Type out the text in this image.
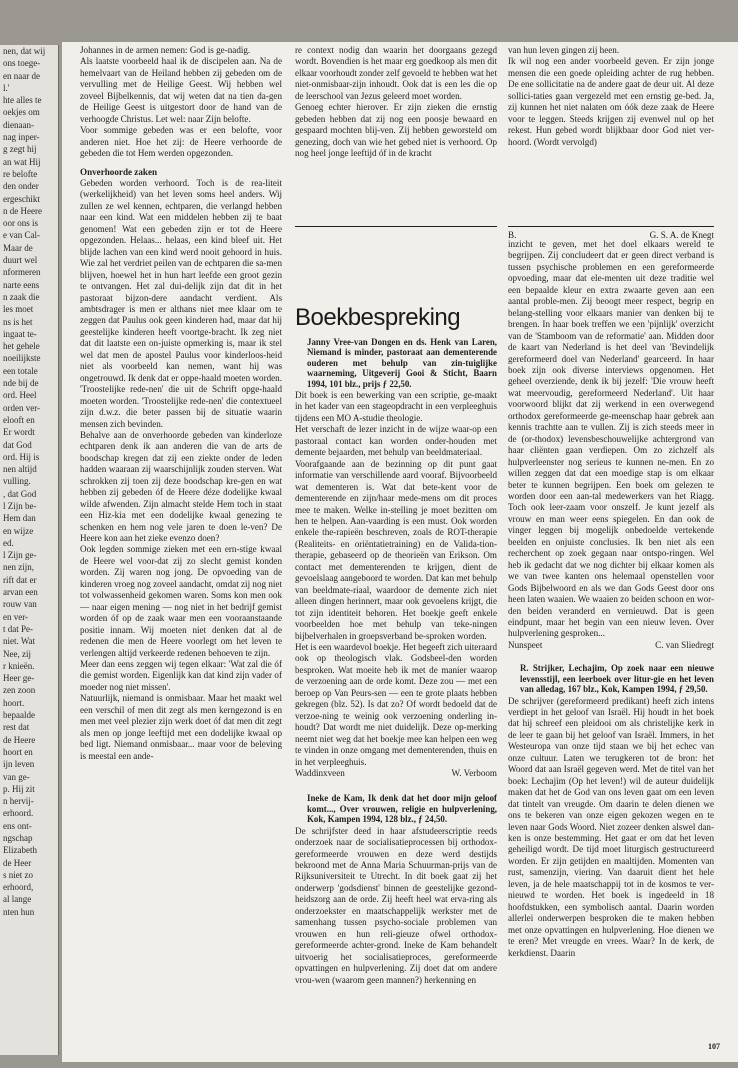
nen, dat wij

ons toege-

en naar de

l.'

hte alles te

oekjes om

dienaan-

nag inper-

g zegt hij

an wat Hij

re belofte

den onder

ergeschikt

n de Heere

oor ons is

e van Cal-

Maar de

duurt wel

nformeren

narte eens

n zaak die

les moet

ns is het

ingaat te-

het gehele

noeilijkste

een totale

nde bij de

ord. Heel

orden ver-

elooft en

Er wordt

dat God

ord. Hij is

nen altijd

vulling.

, dat God

l Zijn be-

Hem dan

en wijze

ed.

l Zijn ge-

nen zijn,

rift dat er

arvan een

rouw van

en ver-

t dat Pe-

niet. Wat

Nee, zij

r knieën.

Heer ge-

zen zoon

hoort.

bepaalde

rest dat

de Heere

hoort en

ijn leven

van ge-

p. Hij zit

n hervij-

erhoord.

ens ont-

ngschap

Elizabeth

de Heer

s niet zo

erhoord,

al lange

nten hun

Johannes in de armen nemen: God is ge-nadig.

Als laatste voorbeeld haal ik de discipelen aan. Na de hemelvaart van de Heiland hebben zij gebeden om de vervulling met de Heilige Geest. Wij hebben wel zoveel Bijbelkennis, dat wij weten dat na tien da-gen de Heilige Geest is uitgestort door de hand van de verhoogde Christus. Let wel: naar Zijn belofte.

Voor sommige gebeden was er een belofte, voor anderen niet. Hoe het zij: de Heere verhoorde de gebeden die tot Hem werden opgezonden.

Onverhoorde zaken

Gebeden worden verhoord. Toch is de rea-liteit (werkelijkheid) van het leven soms heel anders. Wij zullen ze wel kennen, echtparen, die verlangd hebben naar een kind. Wat een middelen hebben zij te baat genomen! Wat een gebeden zijn er tot de Heere opgezonden. Helaas... helaas, een kind bleef uit. Het blijde lachen van een kind werd nooit gehoord in huis. Wie zal het verdriet peilen van de echtparen die sa-men blijven, hoewel het in hun hart leefde een groot gezin te ontvangen. Het zal dui-delijk zijn dat dit in het pastoraat bijzon-dere aandacht verdient. Als ambtsdrager is men er althans niet mee klaar om te zeggen dat Paulus ook geen kinderen had, maar dat hij geestelijke kinderen heeft voortge-bracht. Ik zeg niet dat dit laatste een on-juiste opmerking is, maar ik stel wel dat men de apostel Paulus voor kinderloos-heid niet als voorbeeld kan nemen, want hij was ongetrouwd. Ik denk dat er oppe-haald moeten worden. 'Troostelijke rede-nen' die uit de Schrift opge-haald moeten worden. 'Troostelijke rede-nen' die contextueel zijn d.w.z. die beter passen bij de situatie waarin mensen zich bevinden.

Behalve aan de onverhoorde gebeden van kinderloze echtparen denk ik aan anderen die van de arts de boodschap kregen dat zij een ziekte onder de leden hadden waaraan zij waarschijnlijk zouden sterven. Wat schrokken zij toen zij deze boodschap kre-gen en wat hebben zij gebeden óf de Heere déze dodelijke kwaal wilde afwenden. Zijn almacht stelde Hem toch in staat een Hiz-kia met een dodelijke kwaal genezing te schenken en hem nog vele jaren te doen le-ven? De Heere kon aan het zieke evenzo doen?

Ook legden sommige zieken met een ern-stige kwaal de Heere wel voor-dat zij zo slecht gemist konden worden. Zij waren nog jong. De opvoeding van de kinderen vroeg nog zoveel aandacht, omdat zij nog niet tot volwassenheid gekomen waren. Soms kon men ook — naar eigen mening — nog niet in het bedrijf gemist worden óf op de zaak waar men een vooraanstaande positie innam. Wij moeten niet denken dat al de redenen die men de Heere voorlegt om het leven te verlengen altijd verkeerde redenen behoeven te zijn.

Meer dan eens zeggen wij tegen elkaar: 'Wat zal die óf die gemist worden. Eigenlijk kan dat kind zijn vader of moeder nog niet missen'.

Natuurlijk, niemand is onmisbaar. Maar het maakt wel een verschil of men dit zegt als men kerngezond is en men met veel plezier zijn werk doet óf dat men dit zegt als men op jonge leeftijd met een dodelijke kwaal op bed ligt. Niemand onmisbaar... maar voor de beleving is meestal een ande-

re context nodig dan waarin het doorgaans gezegd wordt. Bovendien is het maar erg goedkoop als men dit elkaar voorhoudt zonder zelf gevoeld te hebben wat het niet-onmisbaar-zijn inhoudt. Ook dat is een les die op de leerschool van Jezus geleerd moet worden.

Genoeg echter hierover. Er zijn zieken die ernstig gebeden hebben dat zij nog een poosje bewaard en gespaard mochten blij-ven. Zij hebben geworsteld om genezing, doch van wie het gebed niet is verhoord. Op nog heel jonge leeftijd óf in de kracht

van hun leven gingen zij heen.

Ik wil nog een ander voorbeeld geven. Er zijn jonge mensen die een goede opleiding achter de rug hebben. De ene sollicitatie na de andere gaat de deur uit. Al deze sollici-taties gaan vergezeld met een ernstig ge-bed. Ja, zij kunnen het niet nalaten om óók deze zaak de Heere voor te leggen. Steeds krijgen zij evenwel nul op het rekest. Hun gebed wordt blijkbaar door God niet ver-hoord. (Wordt vervolgd)

B.	G. S. A. de Knegt
Boekbespreking

Janny Vree-van Dongen en ds. Henk van Laren, Niemand is minder, pastoraat aan dementerende ouderen met behulp van zin-tuiglijke waarneming, Uitgeverij Gooi & Sticht, Baarn 1994, 101 blz., prijs ƒ 22,50.

Dit boek is een bewerking van een scriptie, ge-maakt in het kader van een stageopdracht in een verpleeghuis tijdens een MO A-studie theologie.

Het verschaft de lezer inzicht in de wijze waar-op een pastoraal contact kan worden onder-houden met demente bejaarden, met behulp van beeldmateriaal.

Voorafgaande aan de bezinning op dit punt gaat informatie van verschillende aard vooraf. Bijvoorbeeld wat dementeren is. Wat dat bete-kent voor de dementerende en zijn/haar mede-mens om dit proces mee te maken. Welke in-stelling je moet bezitten om hen te helpen. Aan-vaarding is een must. Ook worden enkele the-rapieën beschreven, zoals de ROT-therapie (Realiteits- en oriëntatietraining) en de Valida-tion-therapie, gebaseerd op de theorieën van Erikson. Om contact met dementerenden te krijgen, dient de gevoelslaag aangeboord te worden. Dat kan met behulp van beeldmate-riaal, waardoor de demente zich niet alleen dingen herinnert, maar ook gevoelens krijgt, die tot zijn identiteit behoren. Het boekje geeft enkele voorbeelden hoe met behulp van teke-ningen bijbelverhalen in groepsverband be-sproken worden.

Het is een waardevol boekje. Het begeeft zich uiteraard ook op theologisch vlak. Godsbeel-den worden besproken. Wat moeite heb ik met de manier waarop de verzoening aan de orde komt. Deze zou — met een beroep op Van Peurs-sen — een te grote plaats hebben gekregen (blz. 52). Is dat zo? Of wordt bedoeld dat de verzoe-ning te weinig ook verzoening onderling in-houdt? Dat wordt me niet duidelijk. Deze op-merking neemt niet weg dat het boekje mee kan helpen een weg te vinden in onze omgang met dementerenden, thuis en in het verpleeghuis.

Waddinxveen	W. Verboom

Ineke de Kam, Ik denk dat het door mijn geloof komt..., Over vrouwen, religie en hulpverlening, Kok, Kampen 1994, 128 blz., ƒ 24,50.

De schrijfster deed in haar afstudeerscriptie reeds onderzoek naar de socialisatieprocessen bij orthodox-gereformeerde vrouwen en deze werd destijds bekroond met de Anna Maria Schuurman-prijs van de Rijksuniversiteit te Utrecht. In dit boek gaat zij het onderwerp 'godsdienst' binnen de geestelijke gezond-heidszorg aan de orde. Zij heeft heel wat erva-ring als onderzoekster en maatschappelijk werkster met de samenhang tussen psycho-sociale problemen van vrouwen en hun reli-gieuze ofwel orthodox-gereformeerde achter-grond. Ineke de Kam behandelt uitvoerig het socialisatieproces, gereformeerde opvattingen en hulpverlening. Zij doet dat om andere vrou-wen (waarom geen mannen?) herkenning en

inzicht te geven, met het doel elkaars wereld te begrijpen. Zij concludeert dat er geen direct verband is tussen psychische problemen en een gereformeerde opvoeding, maar dat ele-menten uit deze traditie wel een bepaalde kleur en extra zwaarte geven aan een aantal proble-men. Zij beoogt meer respect, begrip en belang-stelling voor elkaars manier van denken bij te brengen. In haar boek treffen we een 'pijnlijk' overzicht van de 'Stamboom van de reformatie' aan. Midden door de kaart van Nederland is het deel van 'Bevindelijk gereformeerd doel van Nederland' gearceerd. In haar boek zijn ook diverse interviews opgenomen. Het geheel overziende, denk ik bij jezelf: 'Die vrouw heeft wat meervoudig, gereformeerd Nederland'. Uit haar voorwoord blijkt dat zij werkend in een overwegend orthodox gereformeerde ge-meenschap haar gebrek aan kennis trachtte aan te vullen. Zij is zich steeds meer in de (or-thodox) levensbeschouwelijke achtergrond van haar cliënten gaan verdiepen. Om zo zichzelf als hulpverleenster nog serieus te kunnen ne-men. En zo willen zeggen dat dat een moedige stap is om elkaar beter te kunnen begrijpen. Een boek om gelezen te worden door een aan-tal medewerkers van het Riagg. Toch ook leer-zaam voor onszelf. Je kunt jezelf als vrouw en man weer eens spiegelen. En dan ook de vinger leggen bij mogelijk onbedoelde vertekende beelden en onjuiste conclusies. Ik ben niet als een recherchent op zoek gegaan naar ontspo-ringen. Wel heb ik gedacht dat we nog dichter bij elkaar komen als we van twee kanten ons helemaal openstellen voor Gods Bijbelwoord en als we dan Gods Geest door ons heen laten waaien. We waaien zo beiden schoon en wor-den beiden veranderd en vernieuwd. Dat is geen eindpunt, maar het begin van een nieuw leven. Over hulpverlening gesproken...

Nunspeet	C. van Sliedregt

R. Strijker, Lechajim, Op zoek naar een nieuwe levensstijl, een leerboek over litur-gie en het leven van alledag, 167 blz., Kok, Kampen 1994, ƒ 29,50.

De schrijver (gereformeerd predikant) heeft zich intens verdiept in het geloof van Israël. Hij houdt in het boek dat hij schreef een pleidooi om als christelijke kerk in de leer te gaan bij het geloof van Israël. Immers, in het Westeuropa van onze tijd staan we bij het echec van onze cultuur. Laten we terugkeren tot de bron: het Woord dat aan Israël gegeven werd. Met de titel van het boek: Lechajim (Op het leven!) wil de auteur duidelijk maken dat het de God van ons leven gaat om een leven dat tintelt van vreugde. Om daarin te delen dienen we ons te bekeren van onze eigen gekozen wegen en te leven naar Gods Woord. Niet zozeer denken alswel dan-ken is onze bestemming. Het gaat er om dat het leven geheiligd wordt. De tijd moet liturgisch gestructureerd worden. Er zijn getijden en maaltijden. Momenten van rust, samenzijn, viering. Van daaruit dient het hele leven, ja de hele maatschappij tot in de kosmos te ver-nieuwd te worden. Het boek is ingedeeld in 18 hoofdstukken, een symbolisch aantal. Daarin worden allerlei onderwerpen besproken die te maken hebben met onze opvattingen en hulpverlening. Hoe dienen we te eren? Met vreugde en vrees. Waar? In de kerk, de kerkdienst. Daarin

107
